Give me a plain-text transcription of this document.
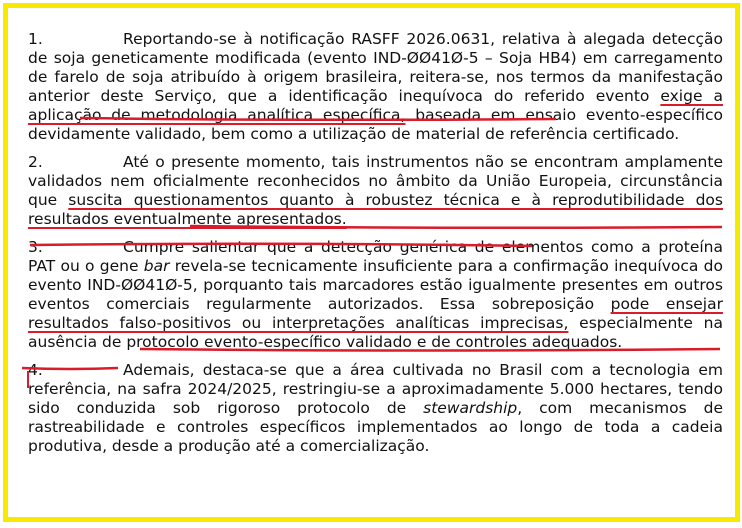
1.	Reportando-se à notificação RASFF 2026.0631, relativa à alegada detecção de soja geneticamente modificada (evento IND-ØØ41Ø-5 – Soja HB4) em carregamento de farelo de soja atribuído à origem brasileira, reitera-se, nos termos da manifestação anterior deste Serviço, que a identificação inequívoca do referido evento exige a aplicação de metodologia analítica específica, baseada em ensaio evento-específico devidamente validado, bem como a utilização de material de referência certificado.

2.	Até o presente momento, tais instrumentos não se encontram amplamente validados nem oficialmente reconhecidos no âmbito da União Europeia, circunstância que suscita questionamentos quanto à robustez técnica e à reprodutibilidade dos resultados eventualmente apresentados.

3.	Cumpre salientar que a detecção genérica de elementos como a proteína PAT ou o gene bar revela-se tecnicamente insuficiente para a confirmação inequívoca do evento IND-ØØ41Ø-5, porquanto tais marcadores estão igualmente presentes em outros eventos comerciais regularmente autorizados. Essa sobreposição pode ensejar resultados falso-positivos ou interpretações analíticas imprecisas, especialmente na ausência de protocolo evento-específico validado e de controles adequados.

4.	Ademais, destaca-se que a área cultivada no Brasil com a tecnologia em referência, na safra 2024/2025, restringiu-se a aproximadamente 5.000 hectares, tendo sido conduzida sob rigoroso protocolo de stewardship, com mecanismos de rastreabilidade e controles específicos implementados ao longo de toda a cadeia produtiva, desde a produção até a comercialização.
